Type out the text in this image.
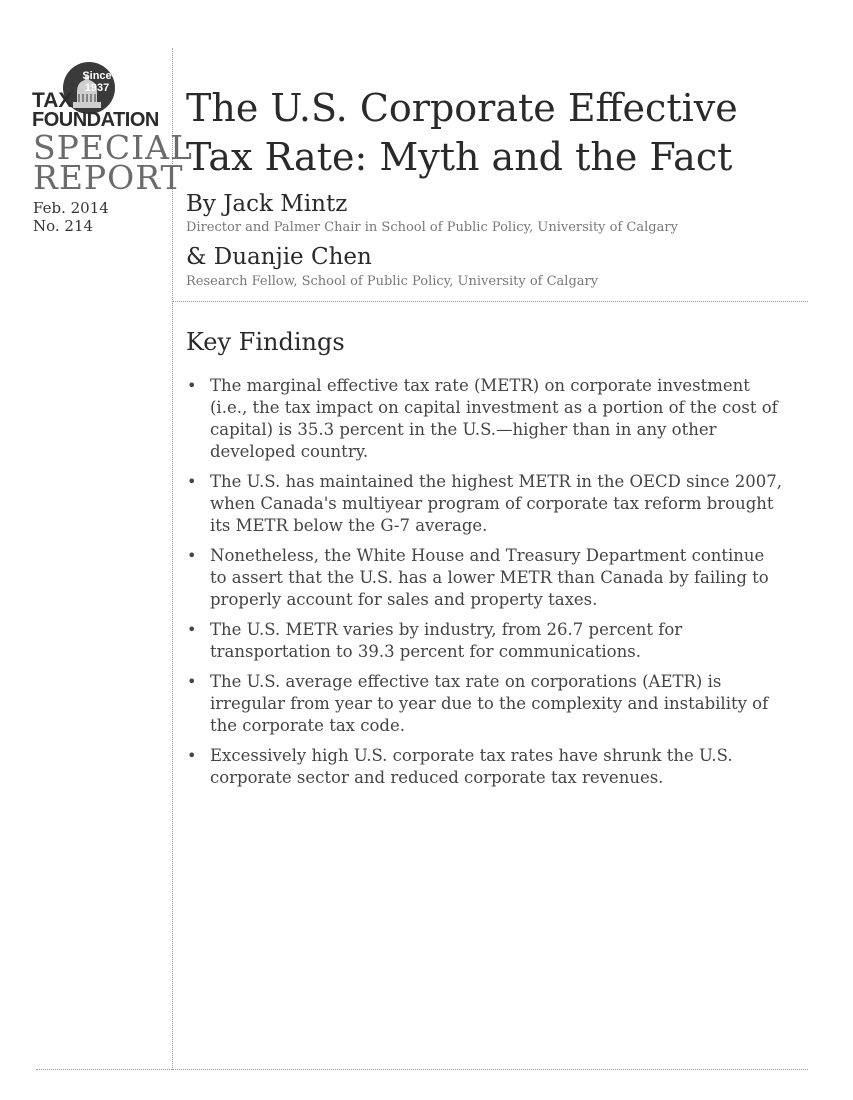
Since 1937
TAX
FOUNDATION
SPECIAL
REPORT
Feb. 2014
No. 214
The U.S. Corporate Effective Tax Rate: Myth and the Fact
By Jack Mintz
Director and Palmer Chair in School of Public Policy, University of Calgary
& Duanjie Chen
Research Fellow, School of Public Policy, University of Calgary
Key Findings
• The marginal effective tax rate (METR) on corporate investment (i.e., the tax impact on capital investment as a portion of the cost of capital) is 35.3 percent in the U.S.—higher than in any other developed country.
• The U.S. has maintained the highest METR in the OECD since 2007, when Canada's multiyear program of corporate tax reform brought its METR below the G-7 average.
• Nonetheless, the White House and Treasury Department continue to assert that the U.S. has a lower METR than Canada by failing to properly account for sales and property taxes.
• The U.S. METR varies by industry, from 26.7 percent for transportation to 39.3 percent for communications.
• The U.S. average effective tax rate on corporations (AETR) is irregular from year to year due to the complexity and instability of the corporate tax code.
• Excessively high U.S. corporate tax rates have shrunk the U.S. corporate sector and reduced corporate tax revenues.
